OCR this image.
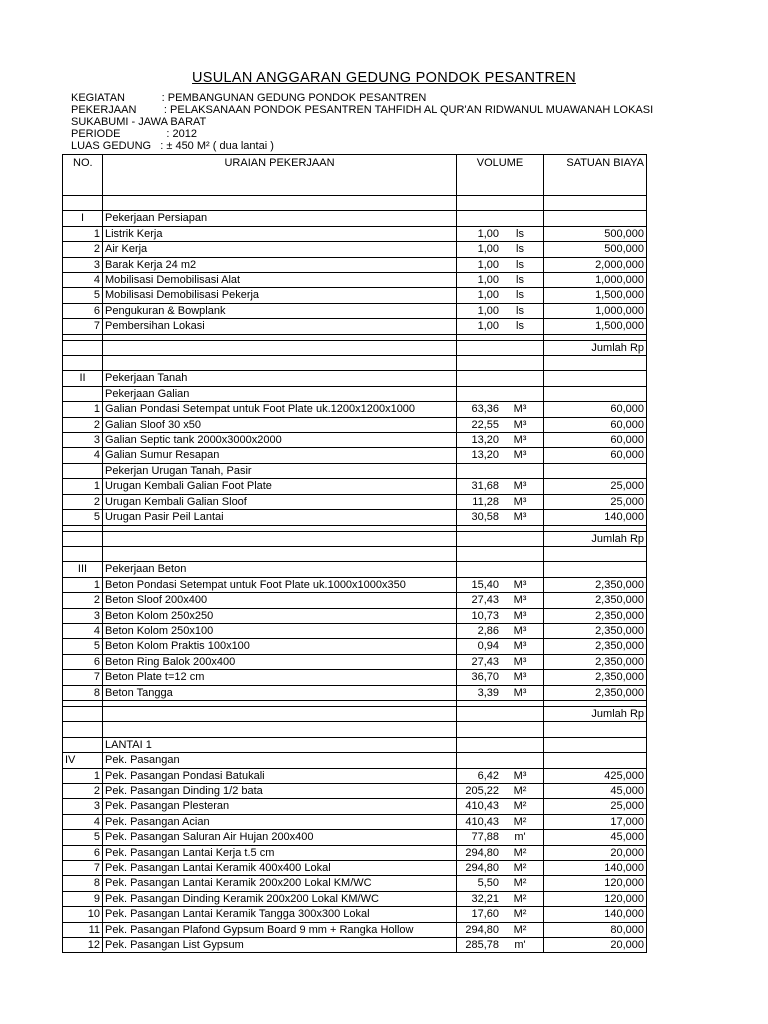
USULAN ANGGARAN GEDUNG PONDOK PESANTREN
KEGIATAN            : PEMBANGUNAN GEDUNG PONDOK PESANTREN
PEKERJAAN         : PELAKSANAAN PONDOK PESANTREN TAHFIDH AL QUR'AN RIDWANUL MUAWANAH LOKASI
SUKABUMI - JAWA BARAT
PERIODE               : 2012
LUAS GEDUNG   : ± 450 M² ( dua lantai )
NO.	URAIAN PEKERJAAN	VOLUME	SATUAN BIAYA

I	Pekerjaan Persiapan		
1	Listrik Kerja	1,00 ls	500,000
2	Air Kerja	1,00 ls	500,000
3	Barak Kerja 24 m2	1,00 ls	2,000,000
4	Mobilisasi Demobilisasi Alat	1,00 ls	1,000,000
5	Mobilisasi Demobilisasi Pekerja	1,00 ls	1,500,000
6	Pengukuran & Bowplank	1,00 ls	1,000,000
7	Pembersihan Lokasi	1,00 ls	1,500,000

			Jumlah Rp

II	Pekerjaan Tanah		
	Pekerjaan Galian		
1	Galian Pondasi Setempat untuk Foot Plate uk.1200x1200x1000	63,36 M³	60,000
2	Galian Sloof 30 x50	22,55 M³	60,000
3	Galian Septic tank 2000x3000x2000	13,20 M³	60,000
4	Galian Sumur Resapan	13,20 M³	60,000
	Pekerjan Urugan Tanah, Pasir		
1	Urugan Kembali Galian Foot Plate	31,68 M³	25,000
2	Urugan Kembali Galian Sloof	11,28 M³	25,000
5	Urugan Pasir Peil Lantai	30,58 M³	140,000

			Jumlah Rp

III	Pekerjaan Beton		
1	Beton Pondasi Setempat untuk Foot Plate uk.1000x1000x350	15,40 M³	2,350,000
2	Beton Sloof 200x400	27,43 M³	2,350,000
3	Beton Kolom 250x250	10,73 M³	2,350,000
4	Beton Kolom 250x100	2,86 M³	2,350,000
5	Beton Kolom Praktis 100x100	0,94 M³	2,350,000
6	Beton Ring Balok 200x400	27,43 M³	2,350,000
7	Beton Plate t=12 cm	36,70 M³	2,350,000
8	Beton Tangga	3,39 M³	2,350,000

			Jumlah Rp

	LANTAI 1		
IV	Pek. Pasangan		
1	Pek. Pasangan Pondasi Batukali	6,42 M³	425,000
2	Pek. Pasangan Dinding 1/2 bata	205,22 M²	45,000
3	Pek. Pasangan Plesteran	410,43 M²	25,000
4	Pek. Pasangan Acian	410,43 M²	17,000
5	Pek. Pasangan Saluran Air Hujan 200x400	77,88 m'	45,000
6	Pek. Pasangan Lantai Kerja t.5 cm	294,80 M²	20,000
7	Pek. Pasangan Lantai Keramik 400x400 Lokal	294,80 M²	140,000
8	Pek. Pasangan Lantai Keramik 200x200 Lokal KM/WC	5,50 M²	120,000
9	Pek. Pasangan Dinding Keramik 200x200 Lokal KM/WC	32,21 M²	120,000
10	Pek. Pasangan Lantai Keramik Tangga 300x300 Lokal	17,60 M²	140,000
11	Pek. Pasangan Plafond Gypsum Board 9 mm + Rangka Hollow	294,80 M²	80,000
12	Pek. Pasangan List Gypsum	285,78 m'	20,000
